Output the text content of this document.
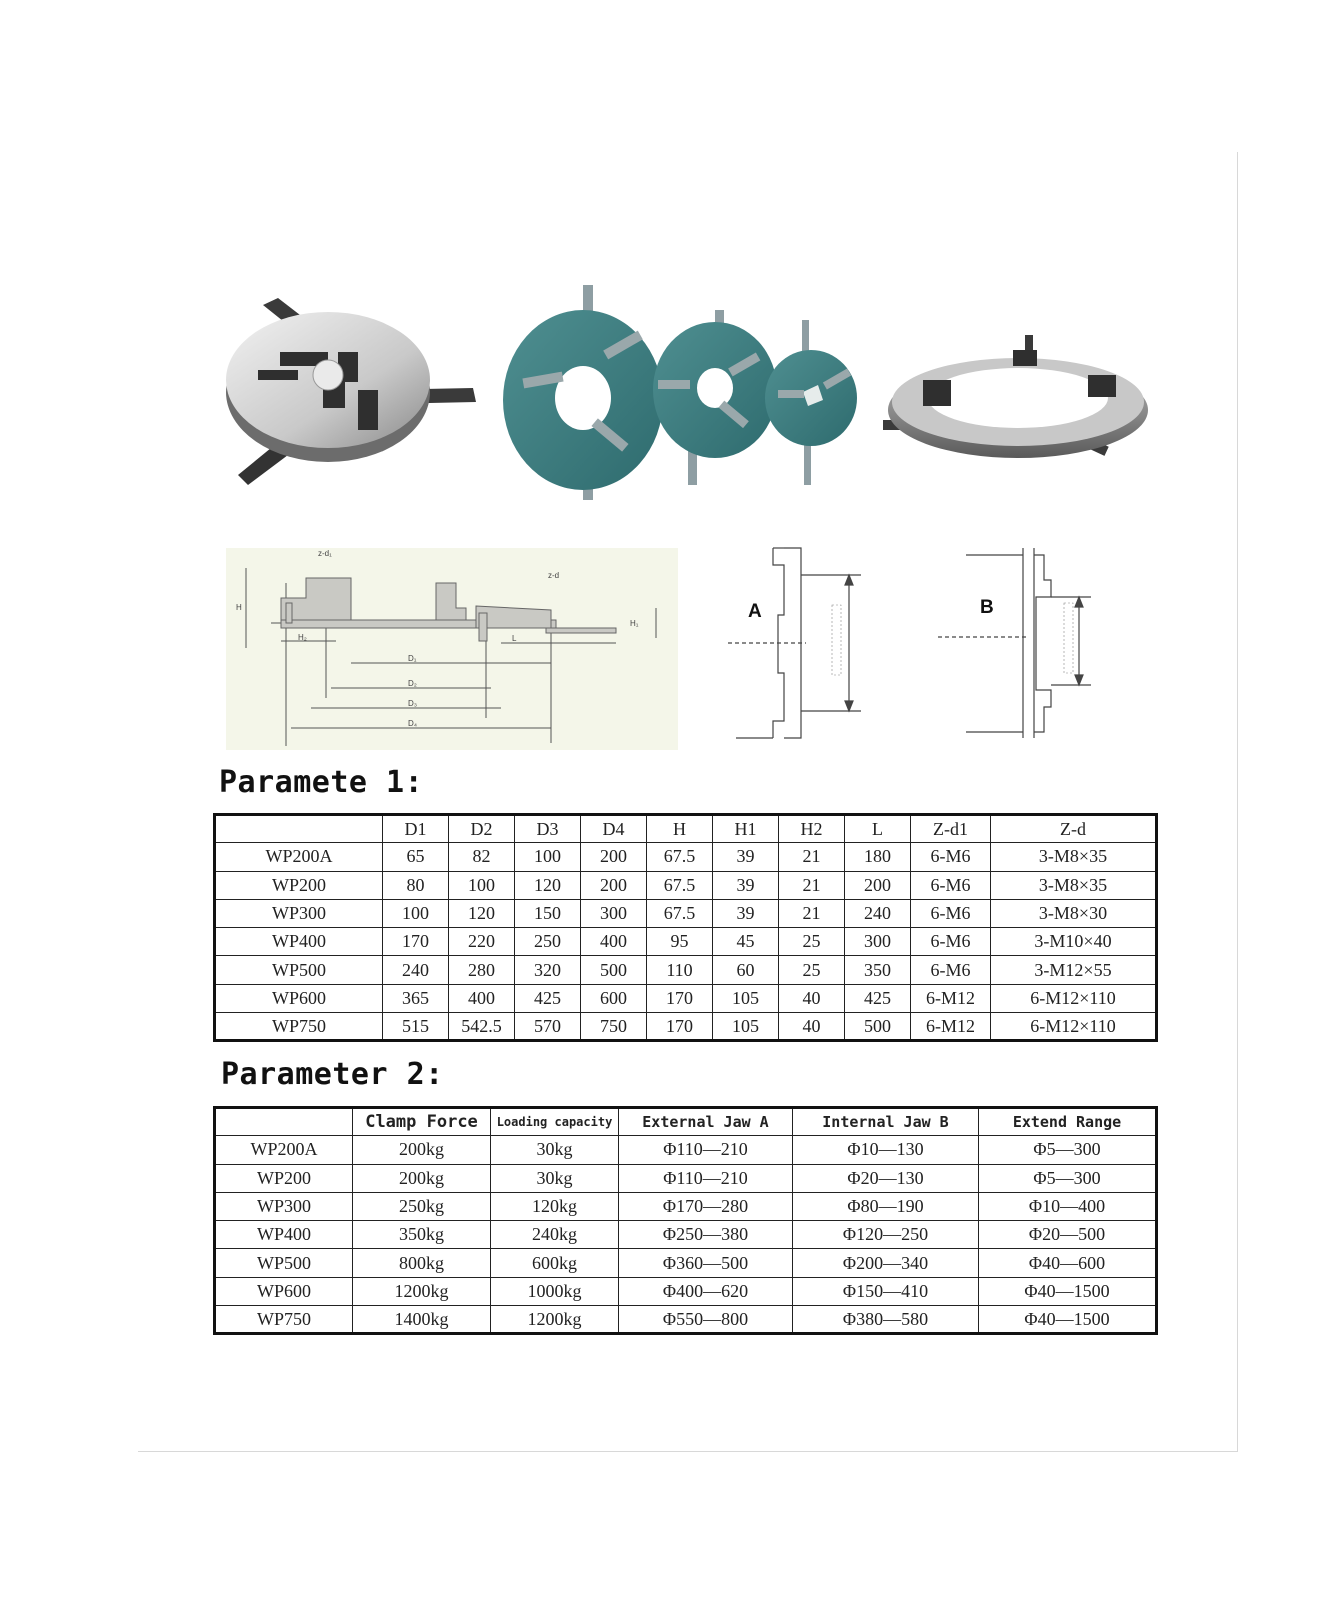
z-d₁
z-d
H
H₂
H₁
L
D₁
D₂
D₃
D₄
A	B
Paramete 1:
	D1	D2	D3	D4	H	H1	H2	L	Z-d1	Z-d
WP200A	65	82	100	200	67.5	39	21	180	6-M6	3-M8×35
WP200	80	100	120	200	67.5	39	21	200	6-M6	3-M8×35
WP300	100	120	150	300	67.5	39	21	240	6-M6	3-M8×30
WP400	170	220	250	400	95	45	25	300	6-M6	3-M10×40
WP500	240	280	320	500	110	60	25	350	6-M6	3-M12×55
WP600	365	400	425	600	170	105	40	425	6-M12	6-M12×110
WP750	515	542.5	570	750	170	105	40	500	6-M12	6-M12×110
Parameter 2:
	Clamp Force	Loading capacity	External Jaw A	Internal Jaw B	Extend Range
WP200A	200kg	30kg	Φ110—210	Φ10—130	Φ5—300
WP200	200kg	30kg	Φ110—210	Φ20—130	Φ5—300
WP300	250kg	120kg	Φ170—280	Φ80—190	Φ10—400
WP400	350kg	240kg	Φ250—380	Φ120—250	Φ20—500
WP500	800kg	600kg	Φ360—500	Φ200—340	Φ40—600
WP600	1200kg	1000kg	Φ400—620	Φ150—410	Φ40—1500
WP750	1400kg	1200kg	Φ550—800	Φ380—580	Φ40—1500
